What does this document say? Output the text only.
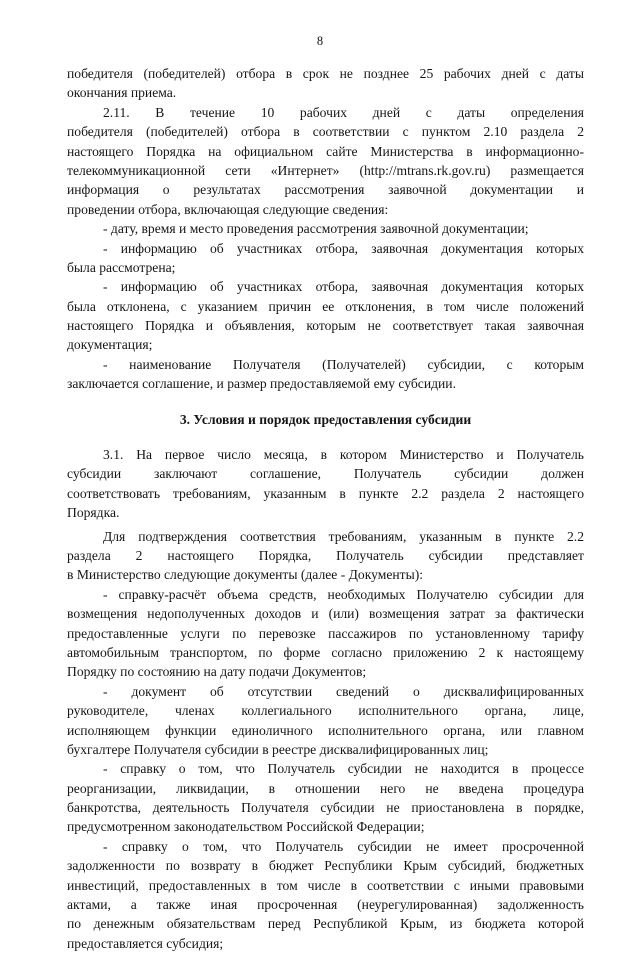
8
победителя (победителей) отбора в срок не позднее 25 рабочих дней с даты
окончания приема.
2.11. В течение 10 рабочих дней с даты определения
победителя (победителей) отбора в соответствии с пунктом 2.10 раздела 2
настоящего Порядка на официальном сайте Министерства в информационно-
телекоммуникационной сети «Интернет» (http://mtrans.rk.gov.ru) размещается
информация о результатах рассмотрения заявочной документации и
проведении отбора, включающая следующие сведения:
- дату, время и место проведения рассмотрения заявочной документации;
- информацию об участниках отбора, заявочная документация которых
была рассмотрена;
- информацию об участниках отбора, заявочная документация которых
была отклонена, с указанием причин ее отклонения, в том числе положений
настоящего Порядка и объявления, которым не соответствует такая заявочная
документация;
- наименование Получателя (Получателей) субсидии, с которым
заключается соглашение, и размер предоставляемой ему субсидии.
3. Условия и порядок предоставления субсидии
3.1. На первое число месяца, в котором Министерство и Получатель
субсидии заключают соглашение, Получатель субсидии должен
соответствовать требованиям, указанным в пункте 2.2 раздела 2 настоящего
Порядка.
Для подтверждения соответствия требованиям, указанным в пункте 2.2
раздела 2 настоящего Порядка, Получатель субсидии представляет
в Министерство следующие документы (далее - Документы):
- справку-расчёт объема средств, необходимых Получателю субсидии для
возмещения недополученных доходов и (или) возмещения затрат за фактически
предоставленные услуги по перевозке пассажиров по установленному тарифу
автомобильным транспортом, по форме согласно приложению 2 к настоящему
Порядку по состоянию на дату подачи Документов;
- документ об отсутствии сведений о дисквалифицированных
руководителе, членах коллегиального исполнительного органа, лице,
исполняющем функции единоличного исполнительного органа, или главном
бухгалтере Получателя субсидии в реестре дисквалифицированных лиц;
- справку о том, что Получатель субсидии не находится в процессе
реорганизации, ликвидации, в отношении него не введена процедура
банкротства, деятельность Получателя субсидии не приостановлена в порядке,
предусмотренном законодательством Российской Федерации;
- справку о том, что Получатель субсидии не имеет просроченной
задолженности по возврату в бюджет Республики Крым субсидий, бюджетных
инвестиций, предоставленных в том числе в соответствии с иными правовыми
актами, а также иная просроченная (неурегулированная) задолженность
по денежным обязательствам перед Республикой Крым, из бюджета которой
предоставляется субсидия;
